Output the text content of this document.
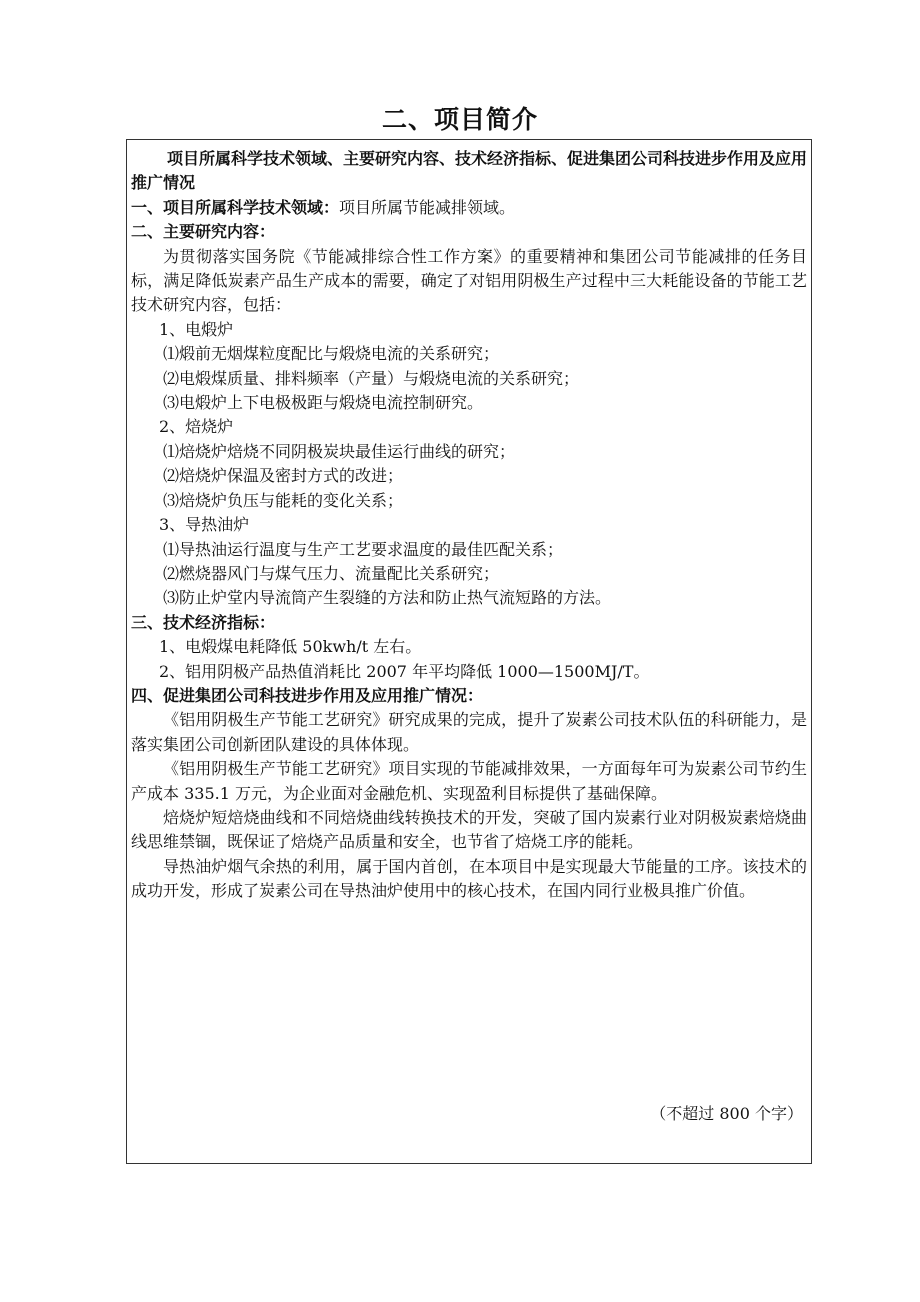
二、项目简介

项目所属科学技术领域、主要研究内容、技术经济指标、促进集团公司科技进步作用及应用推广情况

一、项目所属科学技术领域：项目所属节能减排领域。

二、主要研究内容：

为贯彻落实国务院《节能减排综合性工作方案》的重要精神和集团公司节能减排的任务目标，满足降低炭素产品生产成本的需要，确定了对铝用阴极生产过程中三大耗能设备的节能工艺技术研究内容，包括：

1、电煅炉

⑴煅前无烟煤粒度配比与煅烧电流的关系研究；

⑵电煅煤质量、排料频率（产量）与煅烧电流的关系研究；

⑶电煅炉上下电极极距与煅烧电流控制研究。

2、焙烧炉

⑴焙烧炉焙烧不同阴极炭块最佳运行曲线的研究；

⑵焙烧炉保温及密封方式的改进；

⑶焙烧炉负压与能耗的变化关系；

3、导热油炉

⑴导热油运行温度与生产工艺要求温度的最佳匹配关系；

⑵燃烧器风门与煤气压力、流量配比关系研究；

⑶防止炉堂内导流筒产生裂缝的方法和防止热气流短路的方法。

三、技术经济指标：

1、电煅煤电耗降低 50kwh/t 左右。

2、铝用阴极产品热值消耗比 2007 年平均降低 1000—1500MJ/T。

四、促进集团公司科技进步作用及应用推广情况：

《铝用阴极生产节能工艺研究》研究成果的完成，提升了炭素公司技术队伍的科研能力，是落实集团公司创新团队建设的具体体现。

《铝用阴极生产节能工艺研究》项目实现的节能减排效果，一方面每年可为炭素公司节约生产成本 335.1 万元，为企业面对金融危机、实现盈利目标提供了基础保障。

焙烧炉短焙烧曲线和不同焙烧曲线转换技术的开发，突破了国内炭素行业对阴极炭素焙烧曲线思维禁锢，既保证了焙烧产品质量和安全，也节省了焙烧工序的能耗。

导热油炉烟气余热的利用，属于国内首创，在本项目中是实现最大节能量的工序。该技术的成功开发，形成了炭素公司在导热油炉使用中的核心技术，在国内同行业极具推广价值。

（不超过 800 个字）
